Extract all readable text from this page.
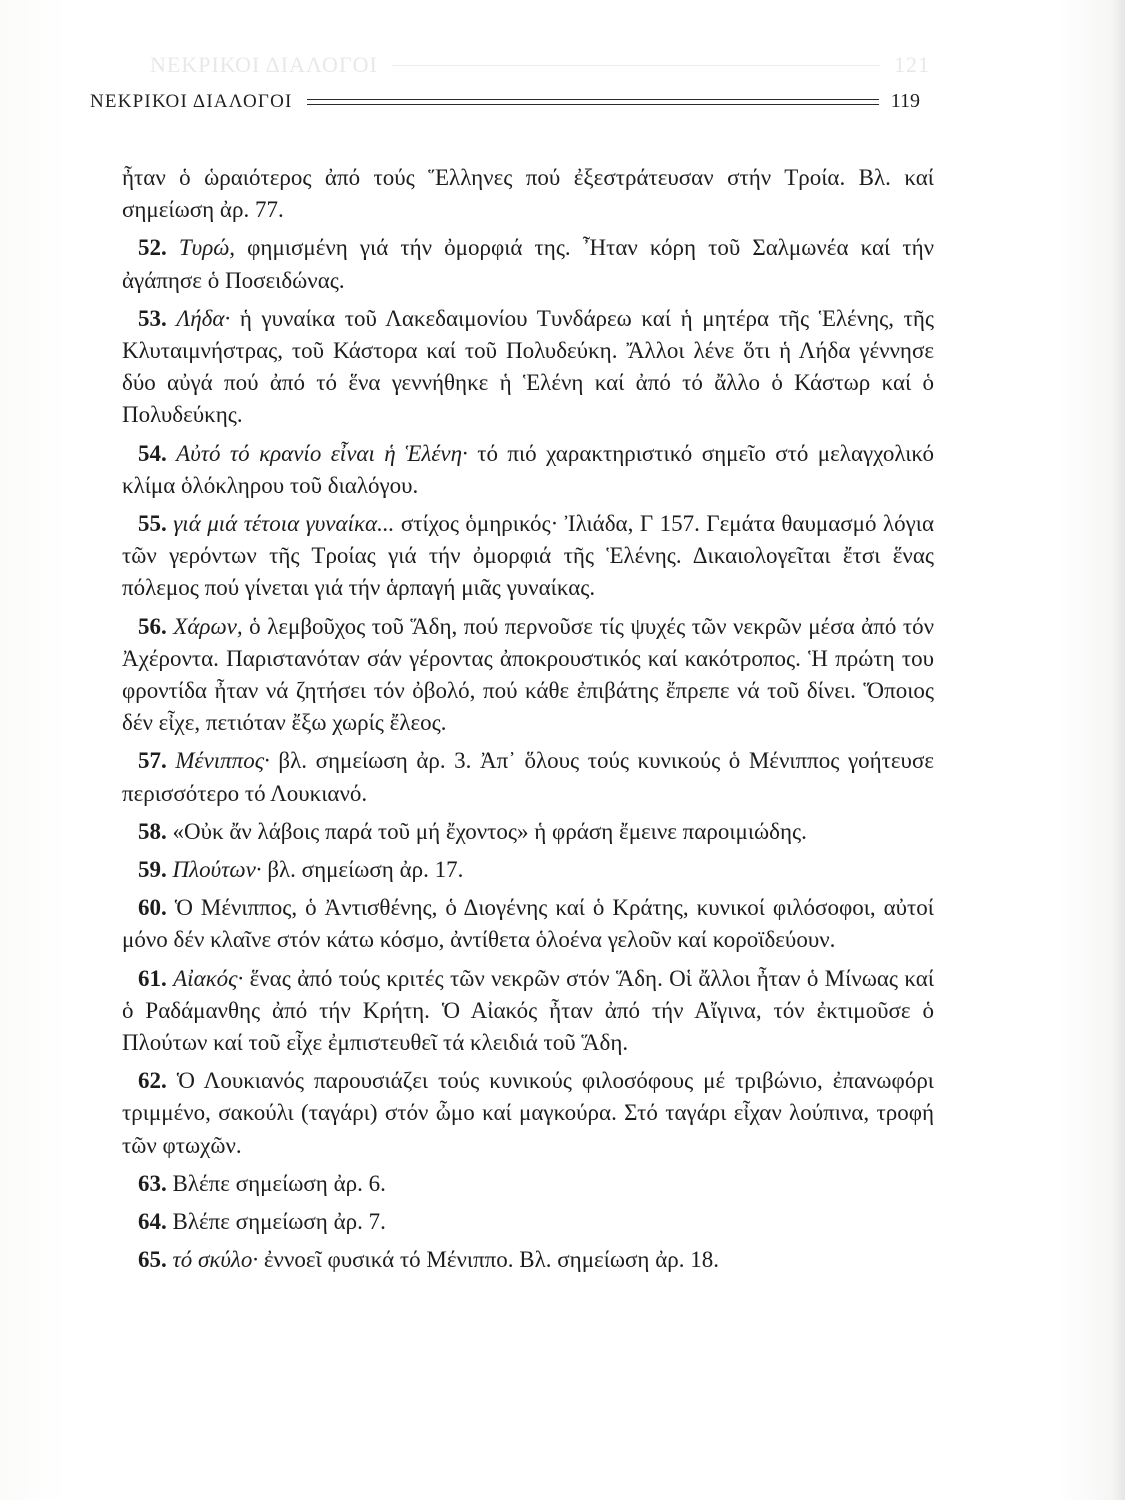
ΝΕΚΡΙΚΟΙ ΔΙΑΛΟΓΟΙ	121
ΝΕΚΡΙΚΟΙ ΔΙΑΛΟΓΟΙ	119

ἦταν ὁ ὡραιότερος ἀπό τούς Ἕλληνες πού ἐξεστράτευσαν στήν Τροία. Βλ. καί σημείωση ἀρ. 77.

52. Τυρώ, φημισμένη γιά τήν ὀμορφιά της. Ἦταν κόρη τοῦ Σαλμωνέα καί τήν ἀγάπησε ὁ Ποσειδώνας.

53. Λήδα· ἡ γυναίκα τοῦ Λακεδαιμονίου Τυνδάρεω καί ἡ μητέρα τῆς Ἑλένης, τῆς Κλυταιμνήστρας, τοῦ Κάστορα καί τοῦ Πολυδεύκη. Ἄλλοι λένε ὅτι ἡ Λήδα γέννησε δύο αὐγά πού ἀπό τό ἕνα γεννήθηκε ἡ Ἑλένη καί ἀπό τό ἄλλο ὁ Κάστωρ καί ὁ Πολυδεύκης.

54. Αὐτό τό κρανίο εἶναι ἡ Ἑλένη· τό πιό χαρακτηριστικό σημεῖο στό μελαγχολικό κλίμα ὁλόκληρου τοῦ διαλόγου.

55. γιά μιά τέτοια γυναίκα... στίχος ὁμηρικός· Ἰλιάδα, Γ 157. Γεμάτα θαυμασμό λόγια τῶν γερόντων τῆς Τροίας γιά τήν ὀμορφιά τῆς Ἑλένης. Δικαιολογεῖται ἔτσι ἕνας πόλεμος πού γίνεται γιά τήν ἁρπαγή μιᾶς γυναίκας.

56. Χάρων, ὁ λεμβοῦχος τοῦ Ἅδη, πού περνοῦσε τίς ψυχές τῶν νεκρῶν μέσα ἀπό τόν Ἀχέροντα. Παριστανόταν σάν γέροντας ἀποκρουστικός καί κακότροπος. Ἡ πρώτη του φροντίδα ἦταν νά ζητήσει τόν ὀβολό, πού κάθε ἐπιβάτης ἔπρεπε νά τοῦ δίνει. Ὅποιος δέν εἶχε, πετιόταν ἔξω χωρίς ἔλεος.

57. Μένιππος· βλ. σημείωση ἀρ. 3. Ἀπ᾿ ὅλους τούς κυνικούς ὁ Μένιππος γοήτευσε περισσότερο τό Λουκιανό.

58. «Οὐκ ἄν λάβοις παρά τοῦ μή ἔχοντος» ἡ φράση ἔμεινε παροιμιώδης.

59. Πλούτων· βλ. σημείωση ἀρ. 17.

60. Ὁ Μένιππος, ὁ Ἀντισθένης, ὁ Διογένης καί ὁ Κράτης, κυνικοί φιλόσοφοι, αὐτοί μόνο δέν κλαῖνε στόν κάτω κόσμο, ἀντίθετα ὁλοένα γελοῦν καί κοροϊδεύουν.

61. Αἰακός· ἕνας ἀπό τούς κριτές τῶν νεκρῶν στόν Ἅδη. Οἱ ἄλλοι ἦταν ὁ Μίνωας καί ὁ Ραδάμανθης ἀπό τήν Κρήτη. Ὁ Αἰακός ἦταν ἀπό τήν Αἴγινα, τόν ἐκτιμοῦσε ὁ Πλούτων καί τοῦ εἶχε ἐμπιστευθεῖ τά κλειδιά τοῦ Ἅδη.

62. Ὁ Λουκιανός παρουσιάζει τούς κυνικούς φιλοσόφους μέ τριβώνιο, ἐπανωφόρι τριμμένο, σακούλι (ταγάρι) στόν ὦμο καί μαγκούρα. Στό ταγάρι εἶχαν λούπινα, τροφή τῶν φτωχῶν.

63. Βλέπε σημείωση ἀρ. 6.

64. Βλέπε σημείωση ἀρ. 7.

65. τό σκύλο· ἐννοεῖ φυσικά τό Μένιππο. Βλ. σημείωση ἀρ. 18.
